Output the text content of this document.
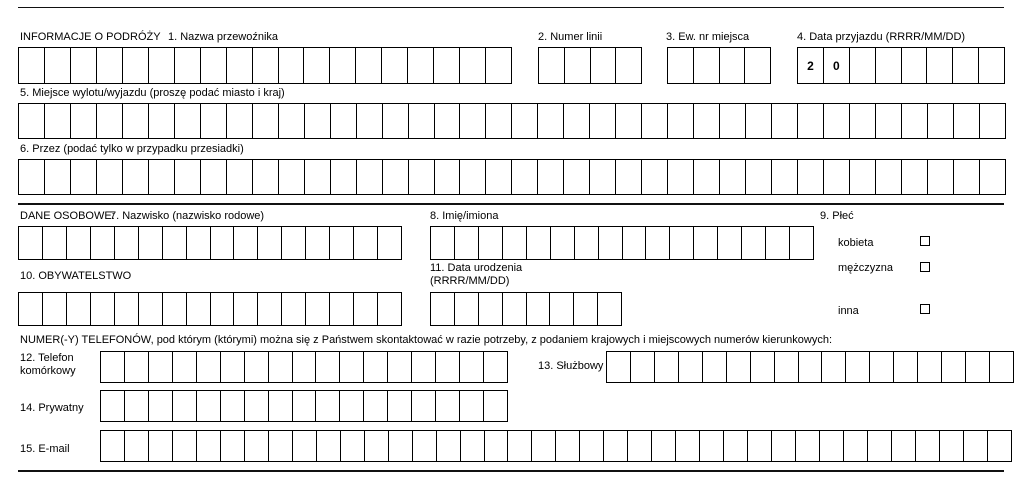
INFORMACJE O PODRÓŻY 1. Nazwa przewoźnika	2. Numer linii	3. Ew. nr miejsca	4. Data przyjazdu (RRRR/MM/DD)
2	0
5. Miejsce wylotu/wyjazdu (proszę podać miasto i kraj)
6. Przez (podać tylko w przypadku przesiadki)
DANE OSOBOWE:
7. Nazwisko (nazwisko rodowe)	8. Imię/imiona	9. Płeć
kobieta
mężczyzna
inna
10. OBYWATELSTWO
11. Data urodzenia (RRRR/MM/DD)
NUMER(-Y) TELEFONÓW, pod którym (którymi) można się z Państwem skontaktować w razie potrzeby, z podaniem krajowych i miejscowych numerów kierunkowych:
12. Telefon komórkowy	13. Służbowy
14. Prywatny
15. E-mail
